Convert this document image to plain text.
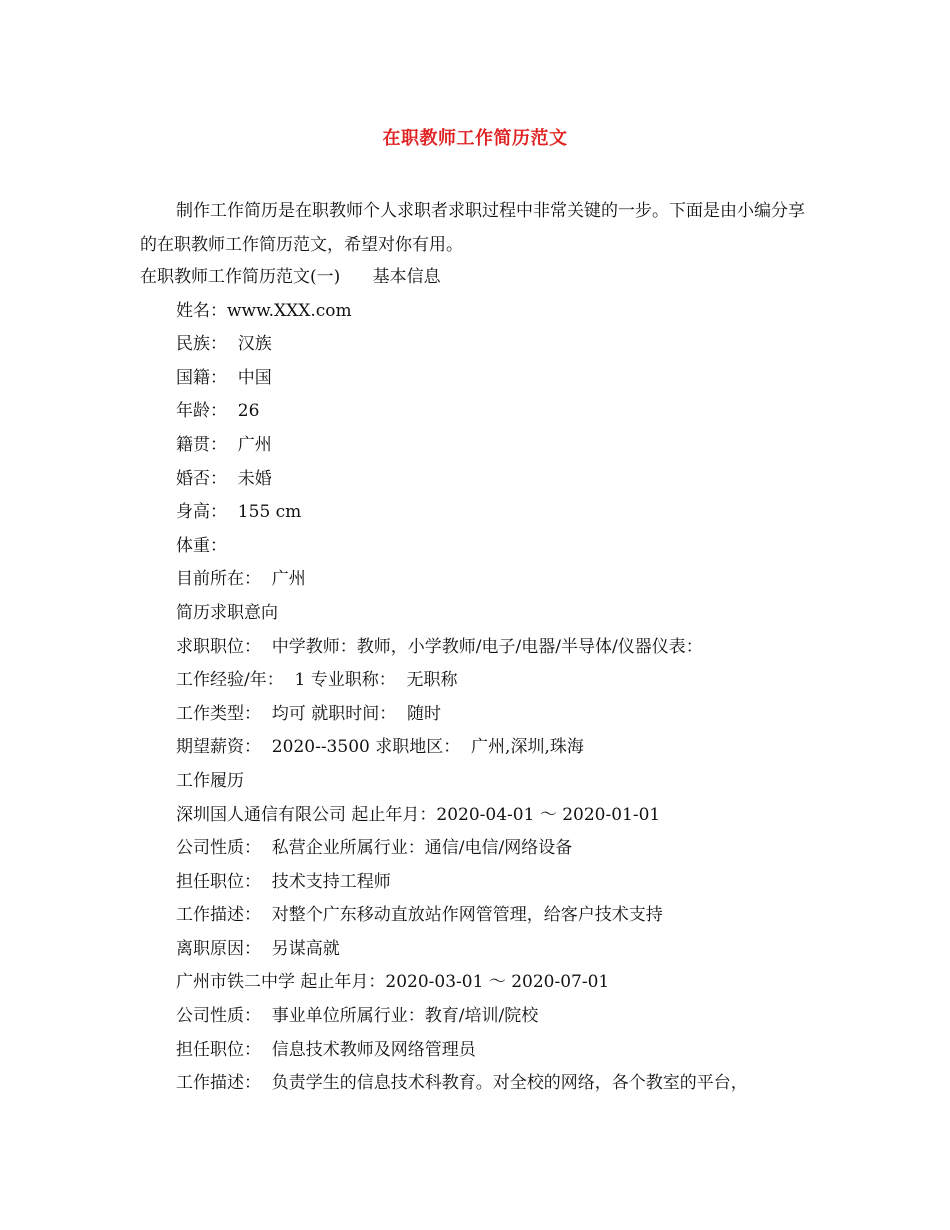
在职教师工作简历范文

制作工作简历是在职教师个人求职者求职过程中非常关键的一步。下面是由小编分享的在职教师工作简历范文，希望对你有用。

在职教师工作简历范文(一)      基本信息
姓名：www.XXX.com
民族：  汉族
国籍：  中国
年龄：  26
籍贯：  广州
婚否：  未婚
身高：  155 cm
体重：
目前所在：  广州
简历求职意向
求职职位：  中学教师：教师，小学教师/电子/电器/半导体/仪器仪表：
工作经验/年：  1 专业职称：  无职称
工作类型：  均可 就职时间：  随时
期望薪资：  2020--3500 求职地区：  广州,深圳,珠海
工作履历
深圳国人通信有限公司 起止年月：2020-04-01 ～ 2020-01-01
公司性质：  私营企业所属行业：通信/电信/网络设备
担任职位：  技术支持工程师
工作描述：  对整个广东移动直放站作网管管理，给客户技术支持
离职原因：  另谋高就
广州市铁二中学 起止年月：2020-03-01 ～ 2020-07-01
公司性质：  事业单位所属行业：教育/培训/院校
担任职位：  信息技术教师及网络管理员
工作描述：  负责学生的信息技术科教育。对全校的网络，各个教室的平台，
